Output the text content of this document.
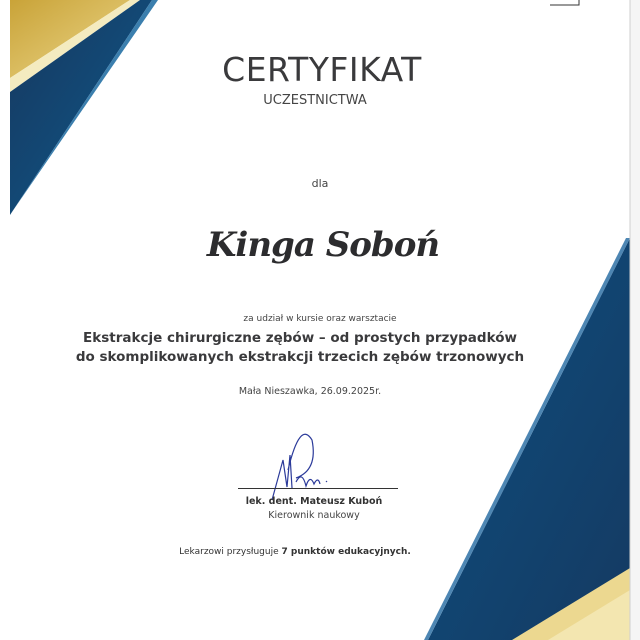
CERTYFIKAT
UCZESTNICTWA
dla
Kinga Soboń
za udział w kursie oraz warsztacie
Ekstrakcje chirurgiczne zębów – od prostych przypadków
do skomplikowanych ekstrakcji trzecich zębów trzonowych
Mała Nieszawka, 26.09.2025r.
lek. dent. Mateusz Kuboń
Kierownik naukowy
Lekarzowi przysługuje 7 punktów edukacyjnych.
